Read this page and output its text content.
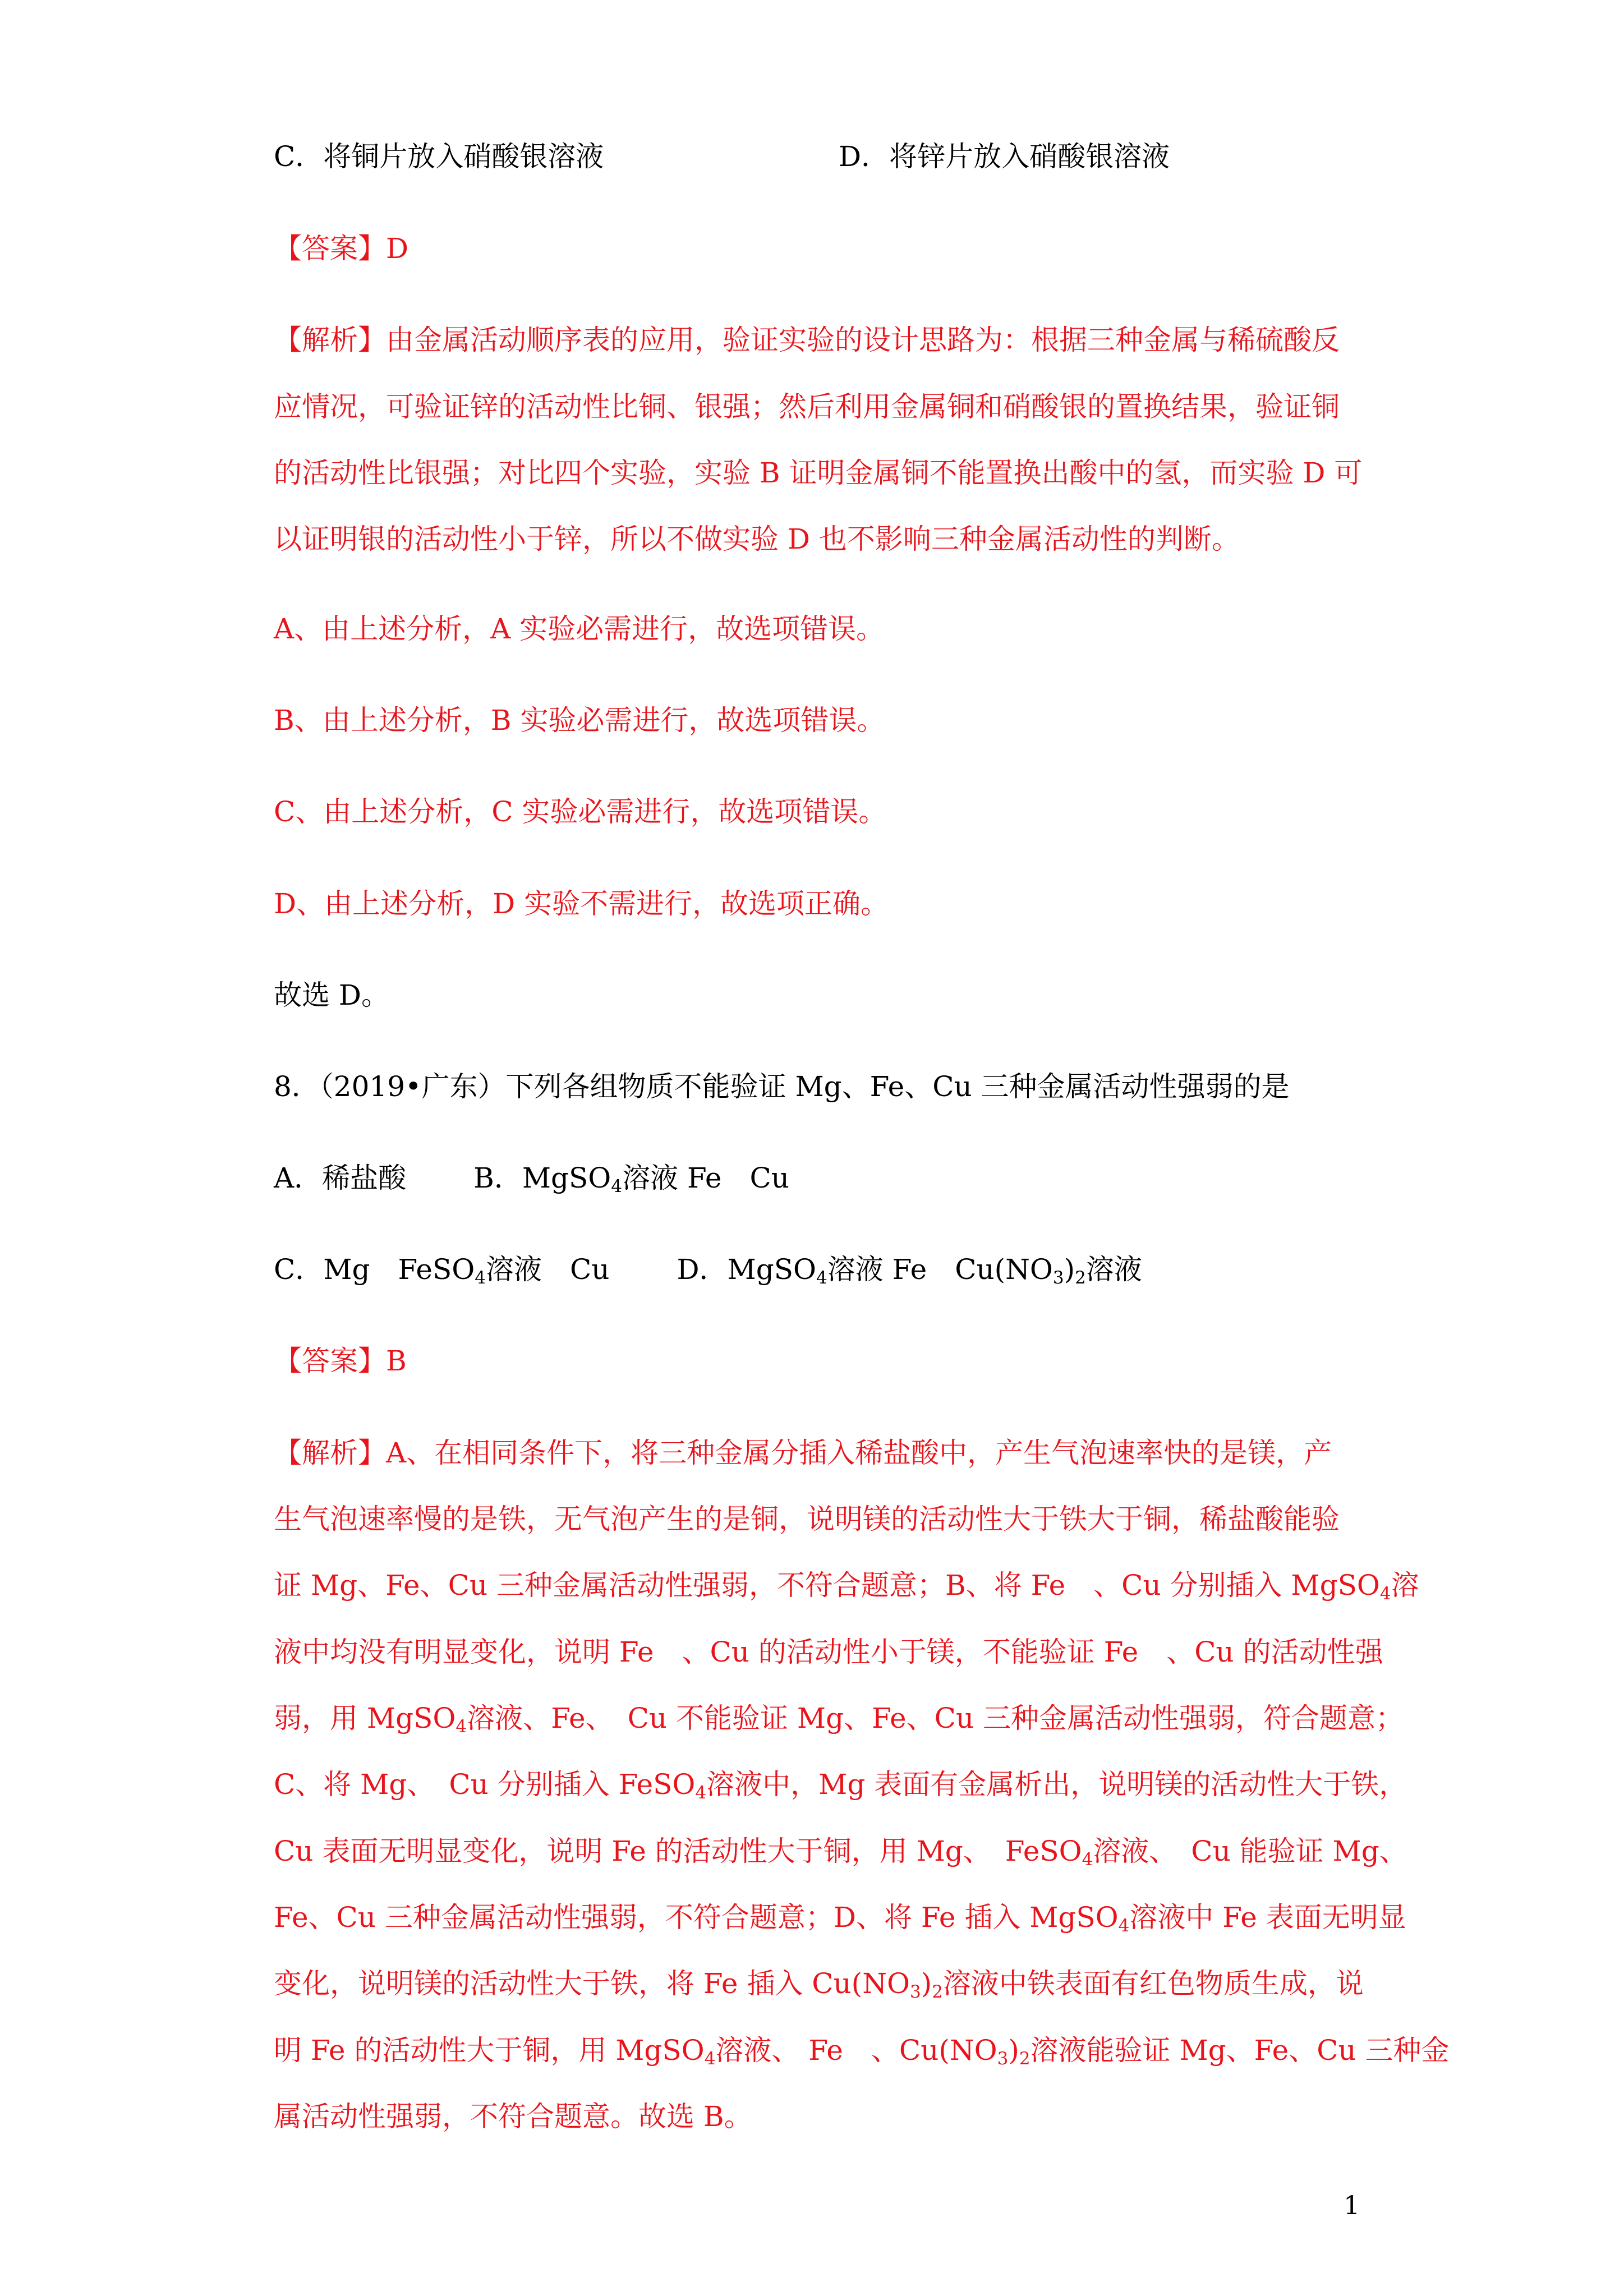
C．将铜片放入硝酸银溶液	D．将锌片放入硝酸银溶液
【答案】D
【解析】由金属活动顺序表的应用，验证实验的设计思路为：根据三种金属与稀硫酸反
应情况，可验证锌的活动性比铜、银强；然后利用金属铜和硝酸银的置换结果，验证铜
的活动性比银强；对比四个实验，实验 B 证明金属铜不能置换出酸中的氢，而实验 D 可
以证明银的活动性小于锌，所以不做实验 D 也不影响三种金属活动性的判断。
A、由上述分析，A 实验必需进行，故选项错误。
B、由上述分析，B 实验必需进行，故选项错误。
C、由上述分析，C 实验必需进行，故选项错误。
D、由上述分析，D 实验不需进行，故选项正确。
故选 D。
8．（2019•广东）下列各组物质不能验证 Mg、Fe、Cu 三种金属活动性强弱的是
A．稀盐酸 B．MgSO$_4$溶液 Fe　Cu
C．Mg　FeSO$_4$溶液　Cu D．MgSO$_4$溶液 Fe　$Cu(NO_3)_2$溶液
【答案】B
【解析】A、在相同条件下，将三种金属分插入稀盐酸中，产生气泡速率快的是镁，产
生气泡速率慢的是铁，无气泡产生的是铜，说明镁的活动性大于铁大于铜，稀盐酸能验
证 Mg、Fe、Cu 三种金属活动性强弱，不符合题意；B、将 Fe　、Cu 分别插入 MgSO$_4$溶
液中均没有明显变化，说明 Fe　、Cu 的活动性小于镁，不能验证 Fe　、Cu 的活动性强
弱，用 MgSO$_4$溶液、Fe、　Cu 不能验证 Mg、Fe、Cu 三种金属活动性强弱，符合题意；
C、将 Mg、　Cu 分别插入 FeSO$_4$溶液中，Mg 表面有金属析出，说明镁的活动性大于铁，
Cu 表面无明显变化，说明 Fe 的活动性大于铜，用 Mg、　FeSO$_4$溶液、　Cu 能验证 Mg、
Fe、Cu 三种金属活动性强弱，不符合题意；D、将 Fe 插入 MgSO$_4$溶液中 Fe 表面无明显
变化，说明镁的活动性大于铁，将 Fe 插入 $Cu(NO_3)_2$溶液中铁表面有红色物质生成，说
明 Fe 的活动性大于铜，用 MgSO$_4$溶液、 Fe　、$Cu(NO_3)_2$溶液能验证 Mg、Fe、Cu 三种金
属活动性强弱，不符合题意。故选 B。
1
